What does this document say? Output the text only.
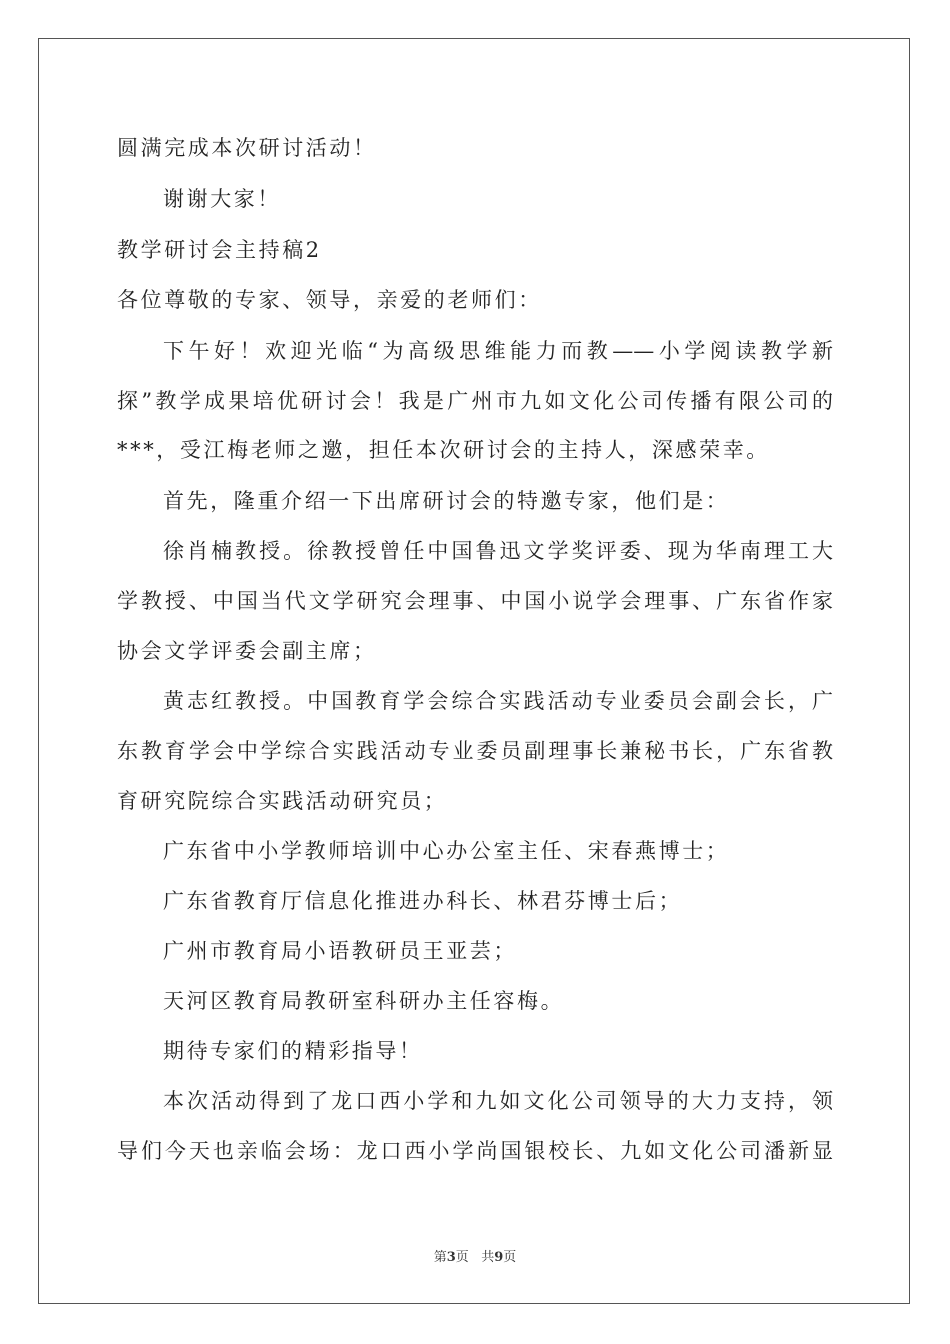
圆满完成本次研讨活动！
谢谢大家！
教学研讨会主持稿2
各位尊敬的专家、领导，亲爱的老师们：
下午好！欢迎光临“为高级思维能力而教——小学阅读教学新
探”教学成果培优研讨会！我是广州市九如文化公司传播有限公司的
***，受江梅老师之邀，担任本次研讨会的主持人，深感荣幸。
首先，隆重介绍一下出席研讨会的特邀专家，他们是：
徐肖楠教授。徐教授曾任中国鲁迅文学奖评委、现为华南理工大
学教授、中国当代文学研究会理事、中国小说学会理事、广东省作家
协会文学评委会副主席；
黄志红教授。中国教育学会综合实践活动专业委员会副会长，广
东教育学会中学综合实践活动专业委员副理事长兼秘书长，广东省教
育研究院综合实践活动研究员；
广东省中小学教师培训中心办公室主任、宋春燕博士；
广东省教育厅信息化推进办科长、林君芬博士后；
广州市教育局小语教研员王亚芸；
天河区教育局教研室科研办主任容梅。
期待专家们的精彩指导！
本次活动得到了龙口西小学和九如文化公司领导的大力支持，领
导们今天也亲临会场：龙口西小学尚国银校长、九如文化公司潘新显
第3页 共9页
